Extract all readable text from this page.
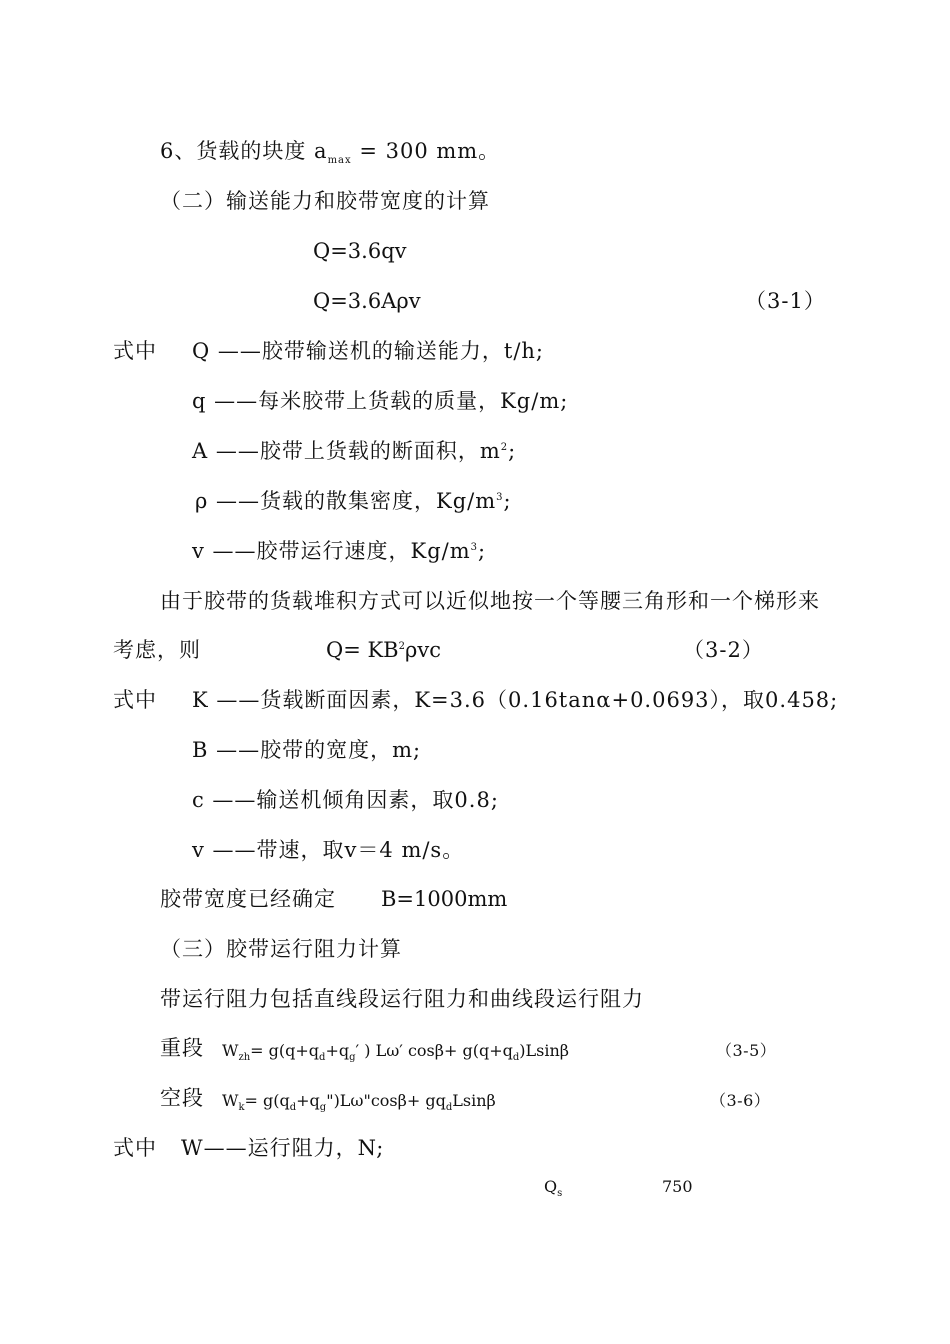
6、货载的块度 $a_{max} = 300$ mm。
（二）输送能力和胶带宽度的计算
Q=3.6qv
Q=3.6Aρv	（3-1）
式中 Q ——胶带输送机的输送能力，t/h;
q ——每米胶带上货载的质量，Kg/m;
A ——胶带上货载的断面积，$m^2$;
ρ ——货载的散集密度，$Kg/m^3$;
v ——胶带运行速度，$Kg/m^3$;
由于胶带的货载堆积方式可以近似地按一个等腰三角形和一个梯形来
考虑，则	$Q= KB^2\rho vc$	（3-2）
式中 K ——货载断面因素，K=3.6（0.16tanα+0.0693），取0.458;
B ——胶带的宽度，m;
c ——输送机倾角因素，取0.8;
v ——带速，取v＝4 m/s。
胶带宽度已经确定 B=1000mm
（三）胶带运行阻力计算
带运行阻力包括直线段运行阻力和曲线段运行阻力
重段 $W_{zh}= g(q+q_d+q_g'$ ) Lω′ $\cos\beta+ g(q+q_d)Lsin\beta$	（3-5）
空段 $W_k=$ $g(q_d+q_g")L\omega"\cos\beta+ gq_dLsin\beta$	（3-6）
式中 W——运行阻力，N;
$Q_s$	750
